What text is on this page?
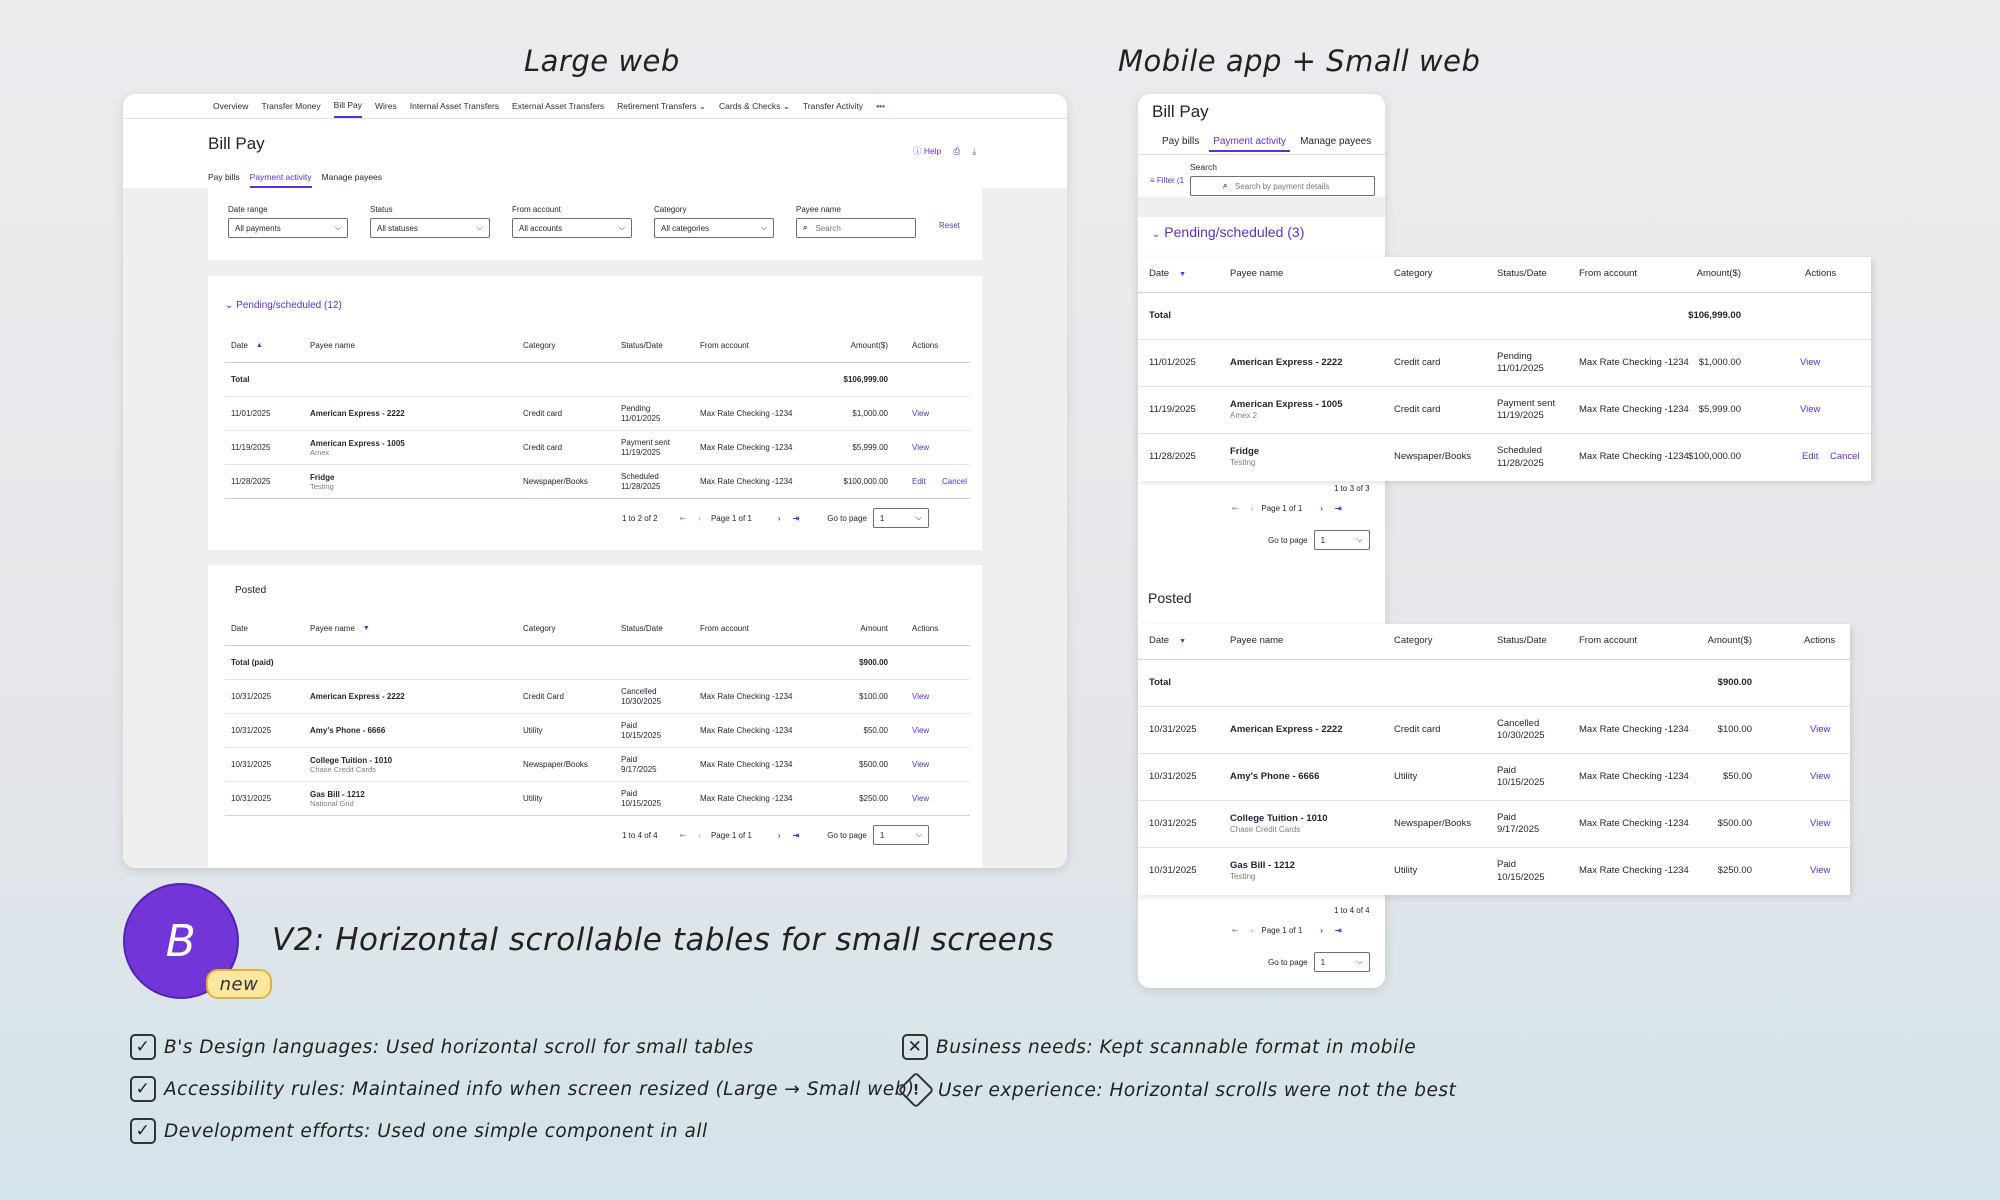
Large web	Mobile app + Small web
Overview Transfer Money Bill Pay Wires Internal Asset Transfers External Asset Transfers Retirement Transfers ⌄ Cards & Checks ⌄ Transfer Activity •••
Bill Pay	ⓘ Help ⎙ ⤓
Pay bills Payment activity Manage payees
Date range
All payments	⌵
Status
All statuses	⌵
From account
All accounts	⌵
Category
All categories	⌵
Payee name
⌕ Search	Reset
⌄ Pending/scheduled (12)
Date ▲	Payee name	Category	Status/Date	From account	Amount($)	Actions
Total	$106,999.00
11/01/2025	American Express - 2222	Credit card
Pending
11/01/2025
Max Rate Checking -1234	$1,000.00	View
11/19/2025	American Express - 1005
Amex
Credit card
Payment sent
11/19/2025
Max Rate Checking -1234	$5,999.00	View
11/28/2025	Fridge
Testing
Newspaper/Books
Scheduled
11/28/2025
Max Rate Checking -1234	$100,000.00	Edit Cancel
1 to 2 of 2	⇤ ‹ Page 1 of 1	› ⇥	Go to page 1	⌵
Posted
Date	Payee name ▼	Category	Status/Date	From account	Amount	Actions
Total (paid)	$900.00
10/31/2025	American Express - 2222	Credit Card
Cancelled
10/30/2025
Max Rate Checking -1234	$100.00	View
10/31/2025	Amy's Phone - 6666	Utility
Paid
10/15/2025
Max Rate Checking -1234	$50.00	View
10/31/2025	College Tuition - 1010
Chase Credit Cards
Newspaper/Books
Paid
9/17/2025
Max Rate Checking -1234	$500.00	View
10/31/2025	Gas Bill - 1212
National Grid
Utility
Paid
10/15/2025
Max Rate Checking -1234	$250.00	View
1 to 4 of 4	⇤ ‹ Page 1 of 1	› ⇥	Go to page 1	⌵
Bill Pay
Pay bills	Payment activity	Manage payees
≡ Filter (1
Search
⌕ Search by payment details
⌄ Pending/scheduled (3)
1 to 3 of 3
⇤ ‹ Page 1 of 1 › ⇥
Go to page 1	⌵
Posted
1 to 4 of 4
⇤ ‹ Page 1 of 1 › ⇥
Go to page 1	⌵
Date ▼	Payee name	Category	Status/Date	From account	Amount($)	Actions
Total	$106,999.00
11/01/2025	American Express - 2222	Credit card
Pending
11/01/2025
Max Rate Checking -1234 $1,000.00	View
11/19/2025	American Express - 1005
Amex 2
Credit card
Payment sent
11/19/2025
Max Rate Checking -1234 $5,999.00	View
11/28/2025	Fridge
Testing
Newspaper/Books
Scheduled
11/28/2025
Max Rate Checking -1234 $100,000.00	Edit Cancel
Date ▼	Payee name	Category	Status/Date	From account	Amount($)	Actions
Total	$900.00
10/31/2025	American Express - 2222	Credit card
Cancelled
10/30/2025
Max Rate Checking -1234	$100.00	View
10/31/2025	Amy's Phone - 6666	Utility
Paid
10/15/2025
Max Rate Checking -1234	$50.00	View
10/31/2025	College Tuition - 1010
Chase Credit Cards
Newspaper/Books
Paid
9/17/2025
Max Rate Checking -1234	$500.00	View
10/31/2025	Gas Bill - 1212
Testing
Utility
Paid
10/15/2025
Max Rate Checking -1234	$250.00	View
B
new
V2: Horizontal scrollable tables for small screens
✓ B's Design languages: Used horizontal scroll for small tables
✓ Accessibility rules: Maintained info when screen resized (Large → Small web)
✓ Development efforts: Used one simple component in all
✕ Business needs: Kept scannable format in mobile
! User experience: Horizontal scrolls were not the best
